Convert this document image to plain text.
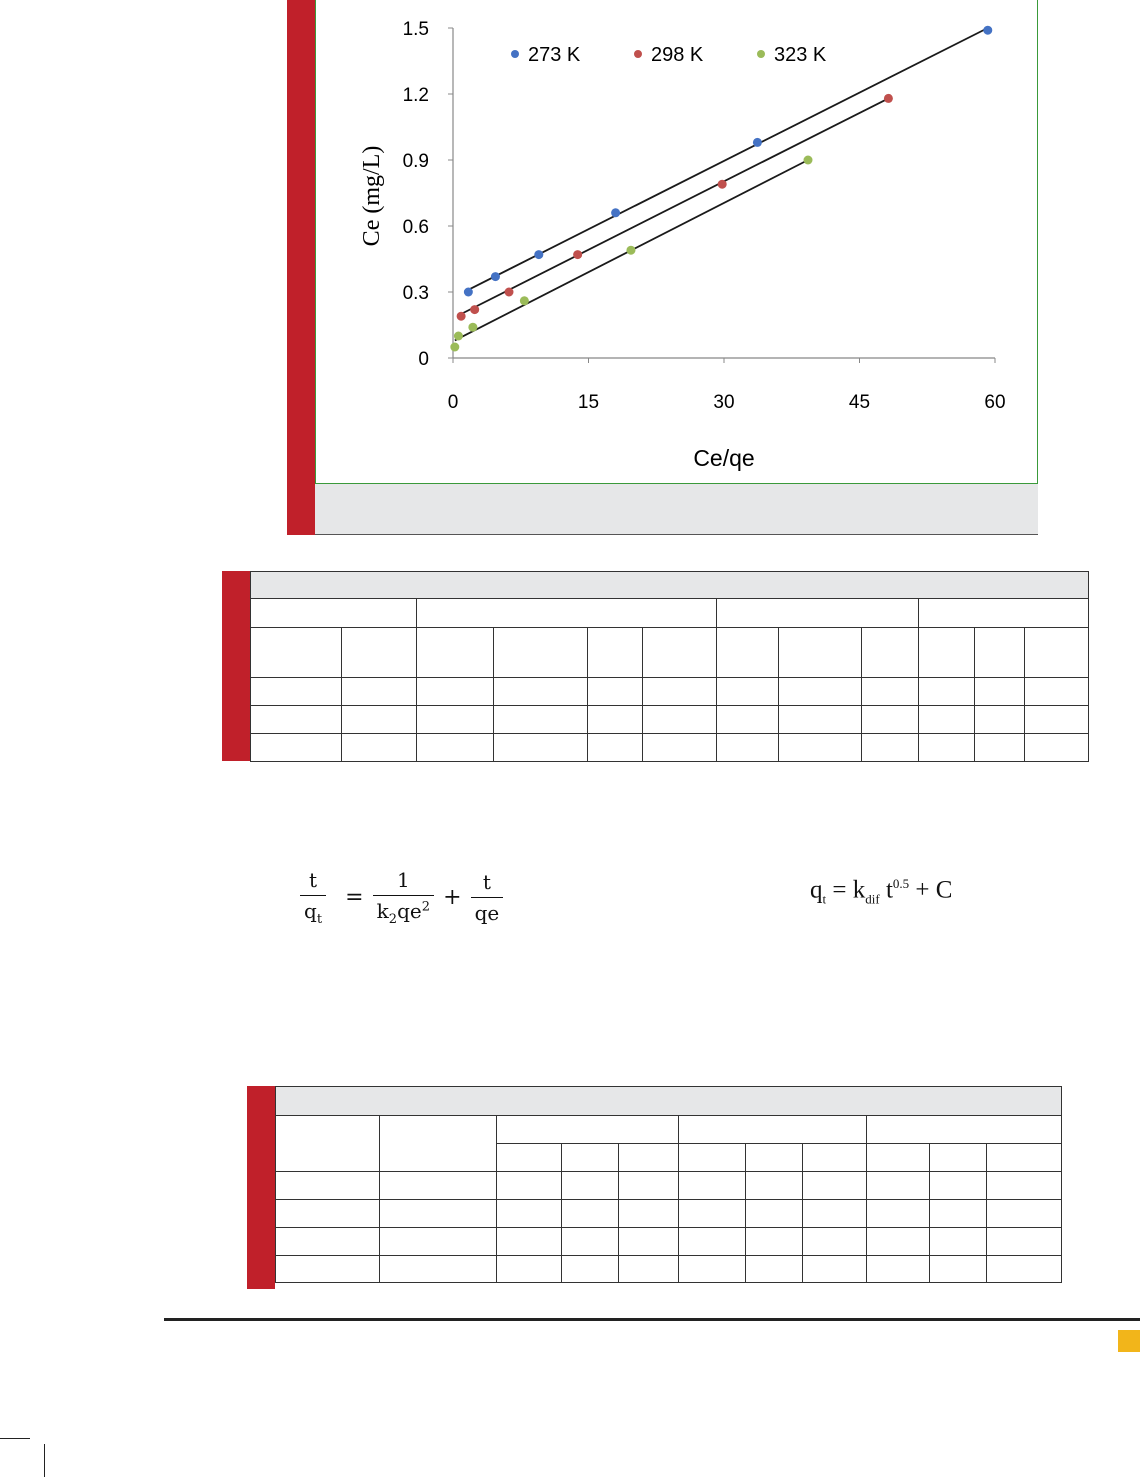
0	15	30	45	60
0
0.3
0.6
0.9
1.2
1.5
273 K	298 K	323 K
Ce/qe
Ce (mg/L)

$\frac{t}{q_t} = \frac{1}{k_2qe^2} + \frac{t}{qe}$	$q_t = k_{dif}$ $t^{0.5} + C$
